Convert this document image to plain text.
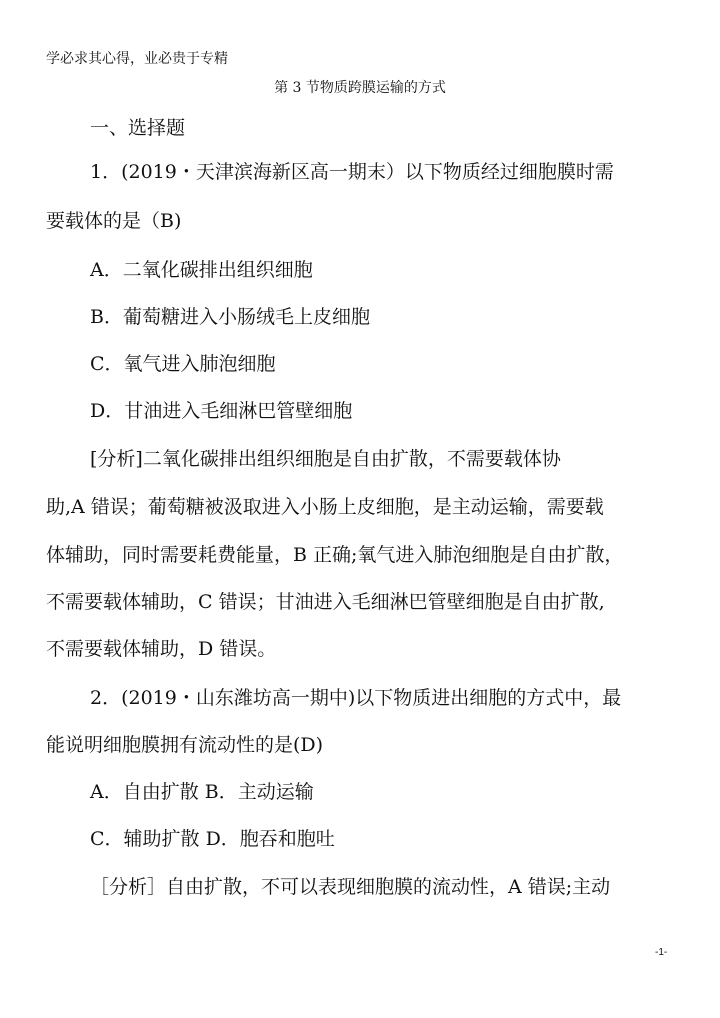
学必求其心得，业必贵于专精
第 3 节物质跨膜运输的方式
一、选择题
1．(2019・天津滨海新区高一期末）以下物质经过细胞膜时需
要载体的是（B)
A．二氧化碳排出组织细胞
B．葡萄糖进入小肠绒毛上皮细胞
C．氧气进入肺泡细胞
D．甘油进入毛细淋巴管壁细胞
[分析]二氧化碳排出组织细胞是自由扩散，不需要载体协
助,A 错误；葡萄糖被汲取进入小肠上皮细胞，是主动运输，需要载
体辅助，同时需要耗费能量，B 正确;氧气进入肺泡细胞是自由扩散，
不需要载体辅助，C 错误；甘油进入毛细淋巴管壁细胞是自由扩散,
不需要载体辅助，D 错误。
2．(2019・山东潍坊高一期中)以下物质进出细胞的方式中，最
能说明细胞膜拥有流动性的是(D)
A．自由扩散 B．主动运输
C．辅助扩散 D．胞吞和胞吐
［分析］自由扩散，不可以表现细胞膜的流动性，A 错误;主动
-1-
